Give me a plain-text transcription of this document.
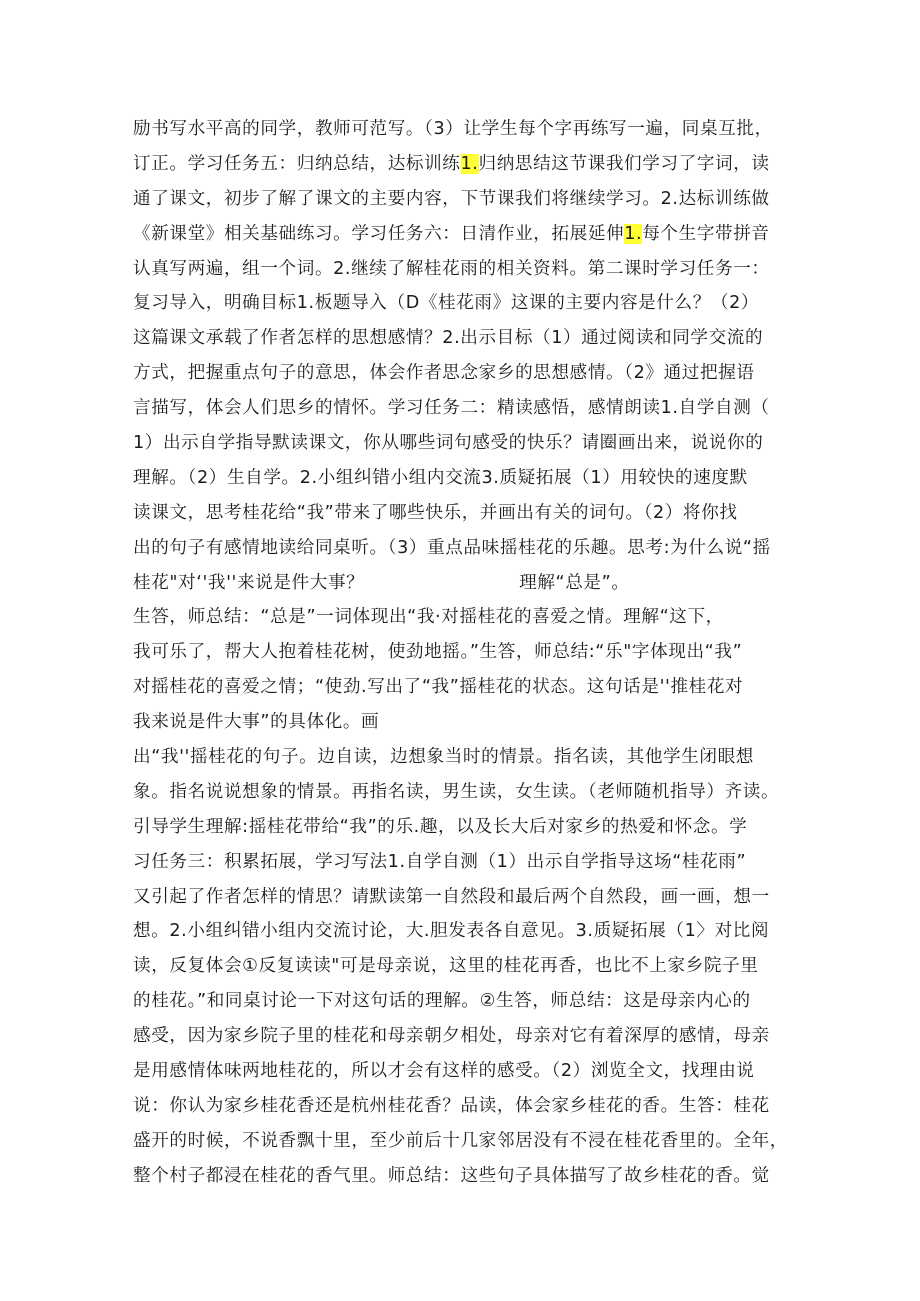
励书写水平高的同学，教师可范写。（3）让学生每个字再练写一遍，同桌互批，
订正。学习任务五：归纳总结，达标训练1.归纳思结这节课我们学习了字词，读
通了课文，初步了解了课文的主要内容，下节课我们将继续学习。2.达标训练做
《新课堂》相关基础练习。学习任务六：日清作业，拓展延伸1.每个生字带拼音
认真写两遍，组一个词。2.继续了解桂花雨的相关资料。第二课时学习任务一：
复习导入，明确目标1.板题导入（D《桂花雨》这课的主要内容是什么？（2）
这篇课文承载了作者怎样的思想感情？2.出示目标（1）通过阅读和同学交流的
方式，把握重点句子的意思，体会作者思念家乡的思想感情。（2》通过把握语
言描写，体会人们思乡的情怀。学习任务二：精读感悟，感情朗读1.自学自测（
1）出示自学指导默读课文，你从哪些词句感受的快乐？请圈画出来，说说你的
理解。（2）生自学。2.小组纠错小组内交流3.质疑拓展（1）用较快的速度默
读课文，思考桂花给“我”带来了哪些快乐，并画出有关的词句。（2）将你找
出的句子有感情地读给同桌听。（3）重点品味摇桂花的乐趣。思考:为什么说“摇
桂花"对‘'我''来说是件大事？                         理解“总是”。
生答，师总结：“总是”一词体现出“我·对摇桂花的喜爱之情。理解“这下，
我可乐了，帮大人抱着桂花树，使劲地摇。”生答，师总结:“乐"字体现出“我”
对摇桂花的喜爱之情；“使劲.写出了“我”摇桂花的状态。这句话是''推桂花对
我来说是件大事”的具体化。画
出“我''摇桂花的句子。边自读，边想象当时的情景。指名读，其他学生闭眼想
象。指名说说想象的情景。再指名读，男生读，女生读。（老师随机指导）齐读。
引导学生理解:摇桂花带给“我”的乐.趣，以及长大后对家乡的热爱和怀念。学
习任务三：积累拓展，学习写法1.自学自测（1）出示自学指导这场“桂花雨”
又引起了作者怎样的情思？请默读第一自然段和最后两个自然段，画一画，想一
想。2.小组纠错小组内交流讨论，大.胆发表各自意见。3.质疑拓展（1〉对比阅
读，反复体会①反复读读"可是母亲说，这里的桂花再香，也比不上家乡院子里
的桂花。”和同桌讨论一下对这句话的理解。②生答，师总结：这是母亲内心的
感受，因为家乡院子里的桂花和母亲朝夕相处，母亲对它有着深厚的感情，母亲
是用感情体味两地桂花的，所以才会有这样的感受。（2）浏览全文，找理由说
说：你认为家乡桂花香还是杭州桂花香？品读，体会家乡桂花的香。生答：桂花
盛开的时候，不说香飘十里，至少前后十几家邻居没有不浸在桂花香里的。全年，
整个村子都浸在桂花的香气里。师总结：这些句子具体描写了故乡桂花的香。觉
